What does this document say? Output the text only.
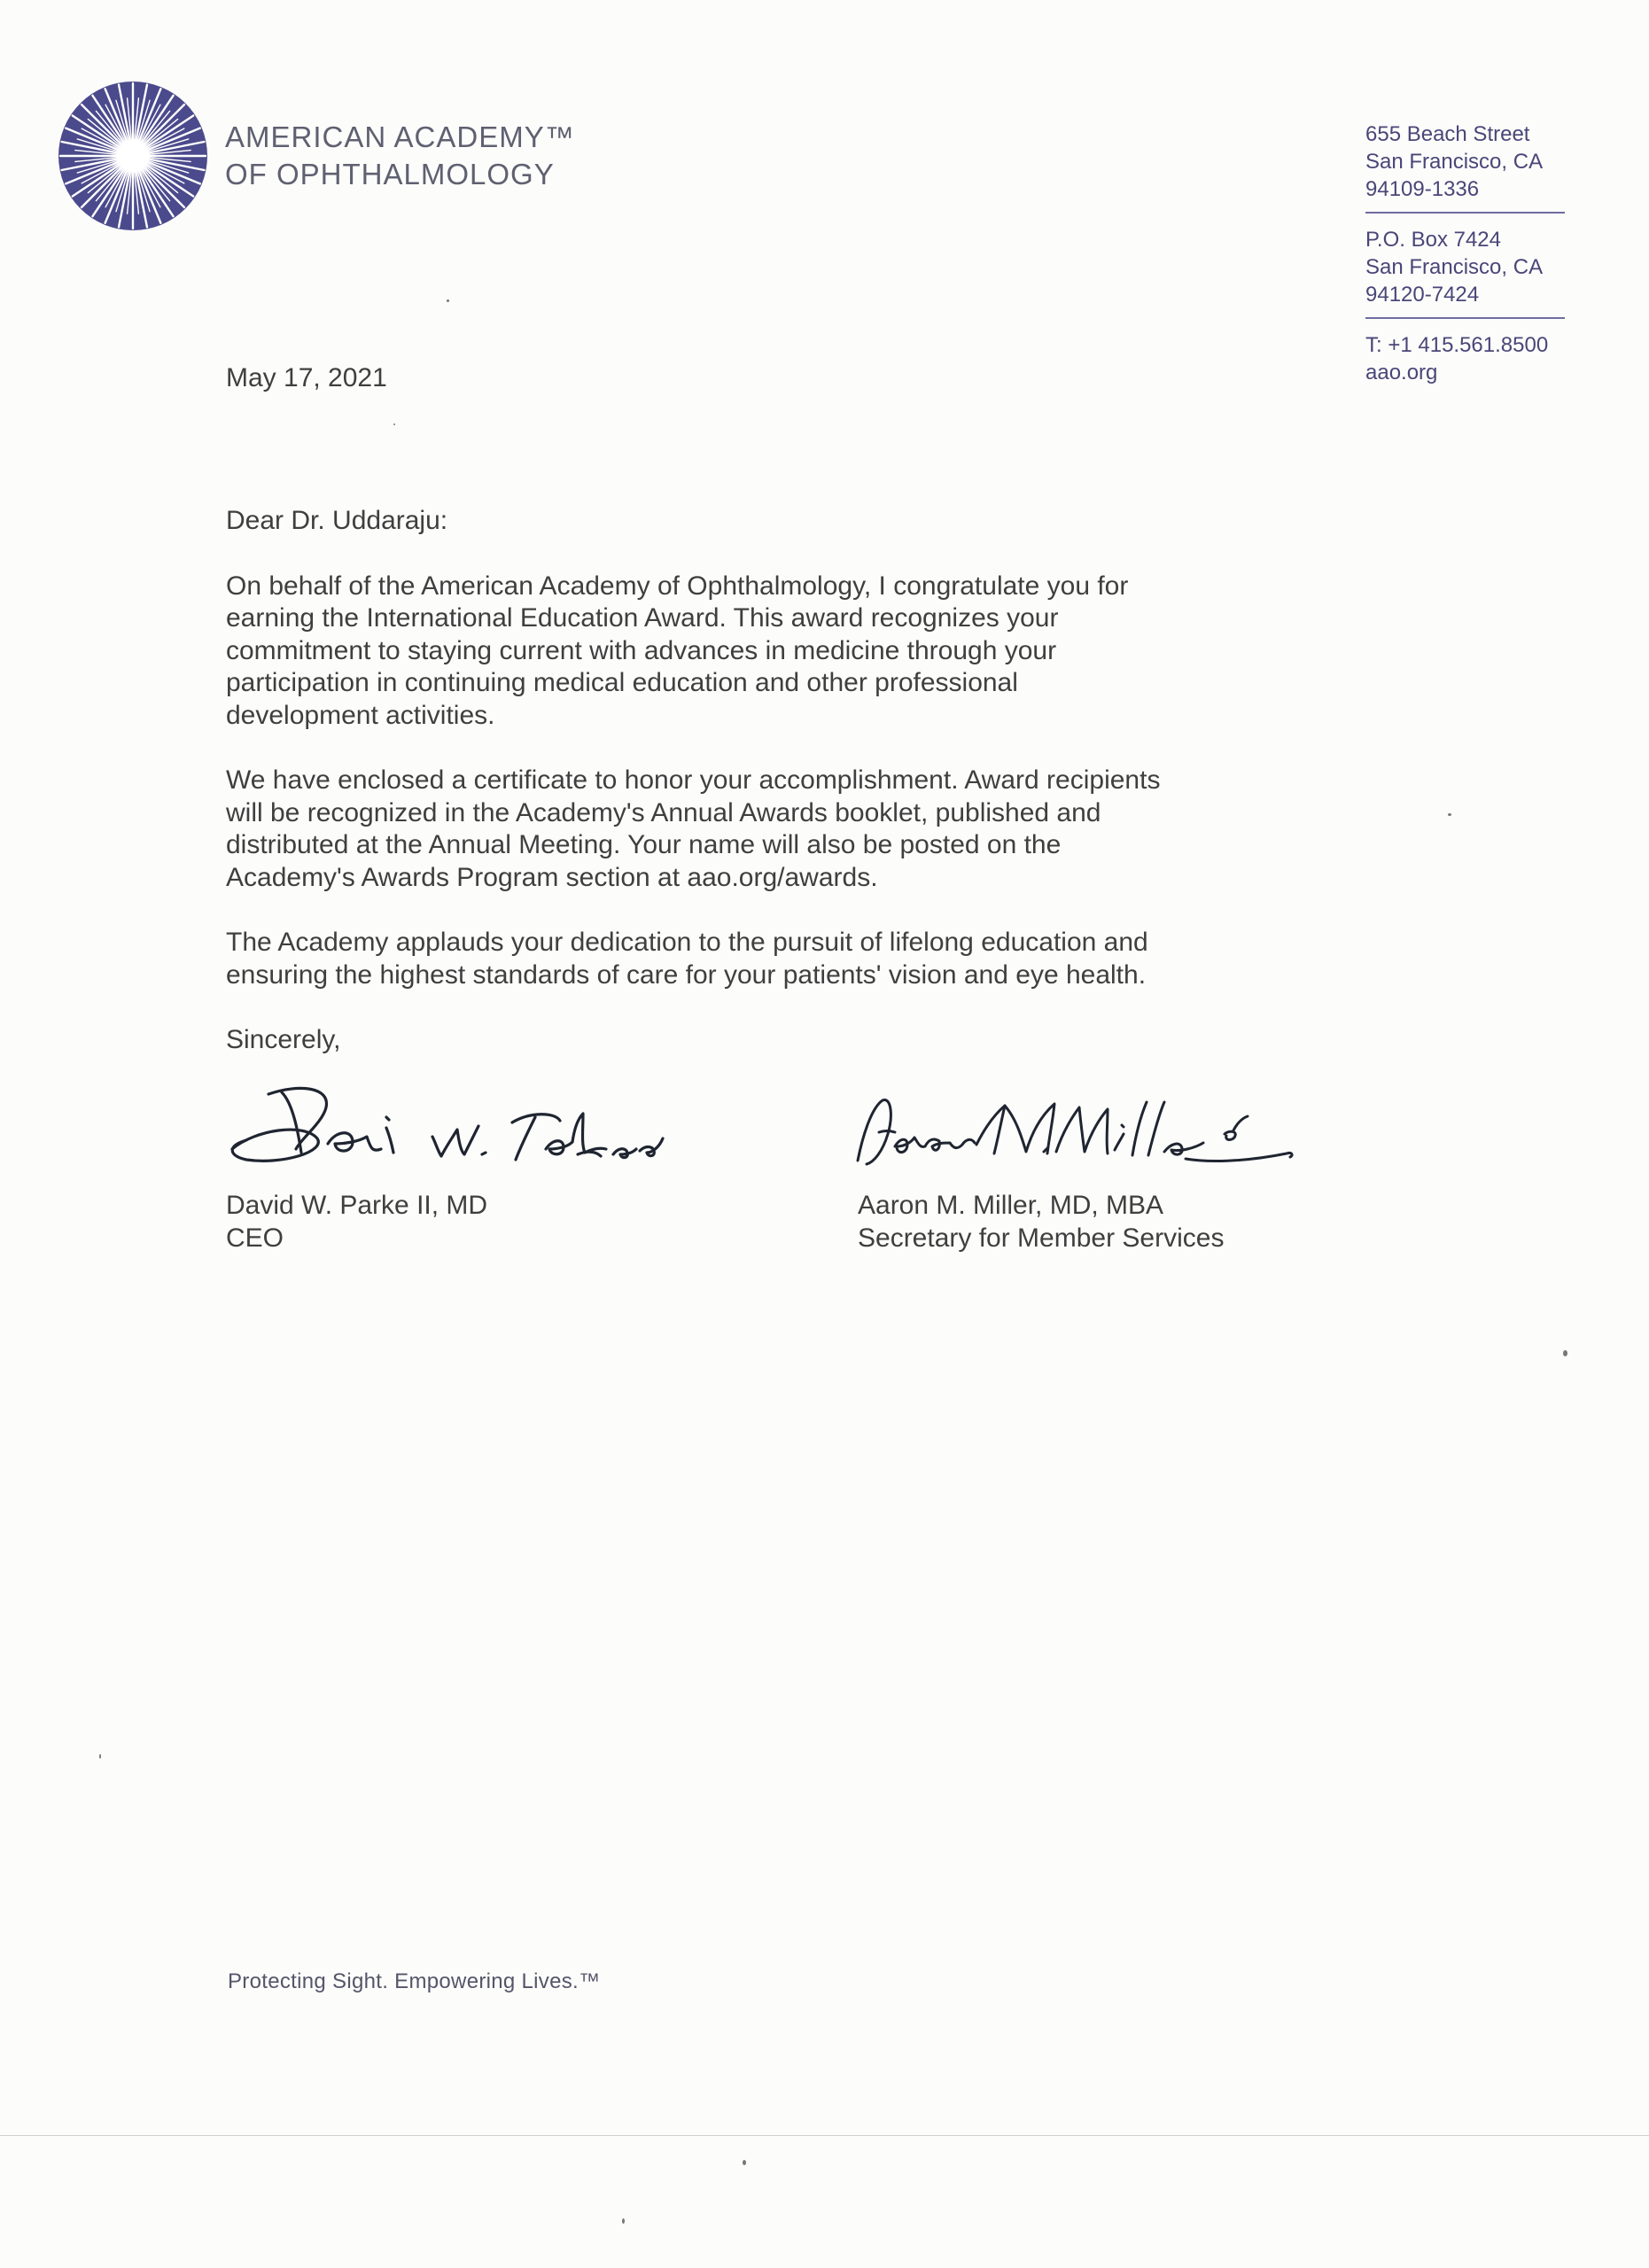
AMERICAN ACADEMY™
OF OPHTHALMOLOGY
655 Beach Street
San Francisco, CA
94109-1336
P.O. Box 7424
San Francisco, CA
94120-7424
T: +1 415.561.8500
aao.org
May 17, 2021

Dear Dr. Uddaraju:

On behalf of the American Academy of Ophthalmology, I congratulate you for
earning the International Education Award. This award recognizes your
commitment to staying current with advances in medicine through your
participation in continuing medical education and other professional
development activities.

We have enclosed a certificate to honor your accomplishment. Award recipients
will be recognized in the Academy's Annual Awards booklet, published and
distributed at the Annual Meeting. Your name will also be posted on the
Academy's Awards Program section at aao.org/awards.

The Academy applauds your dedication to the pursuit of lifelong education and
ensuring the highest standards of care for your patients' vision and eye health.

Sincerely,

David W. Parke II, MD
CEO
Aaron M. Miller, MD, MBA
Secretary for Member Services
Protecting Sight. Empowering Lives.™
